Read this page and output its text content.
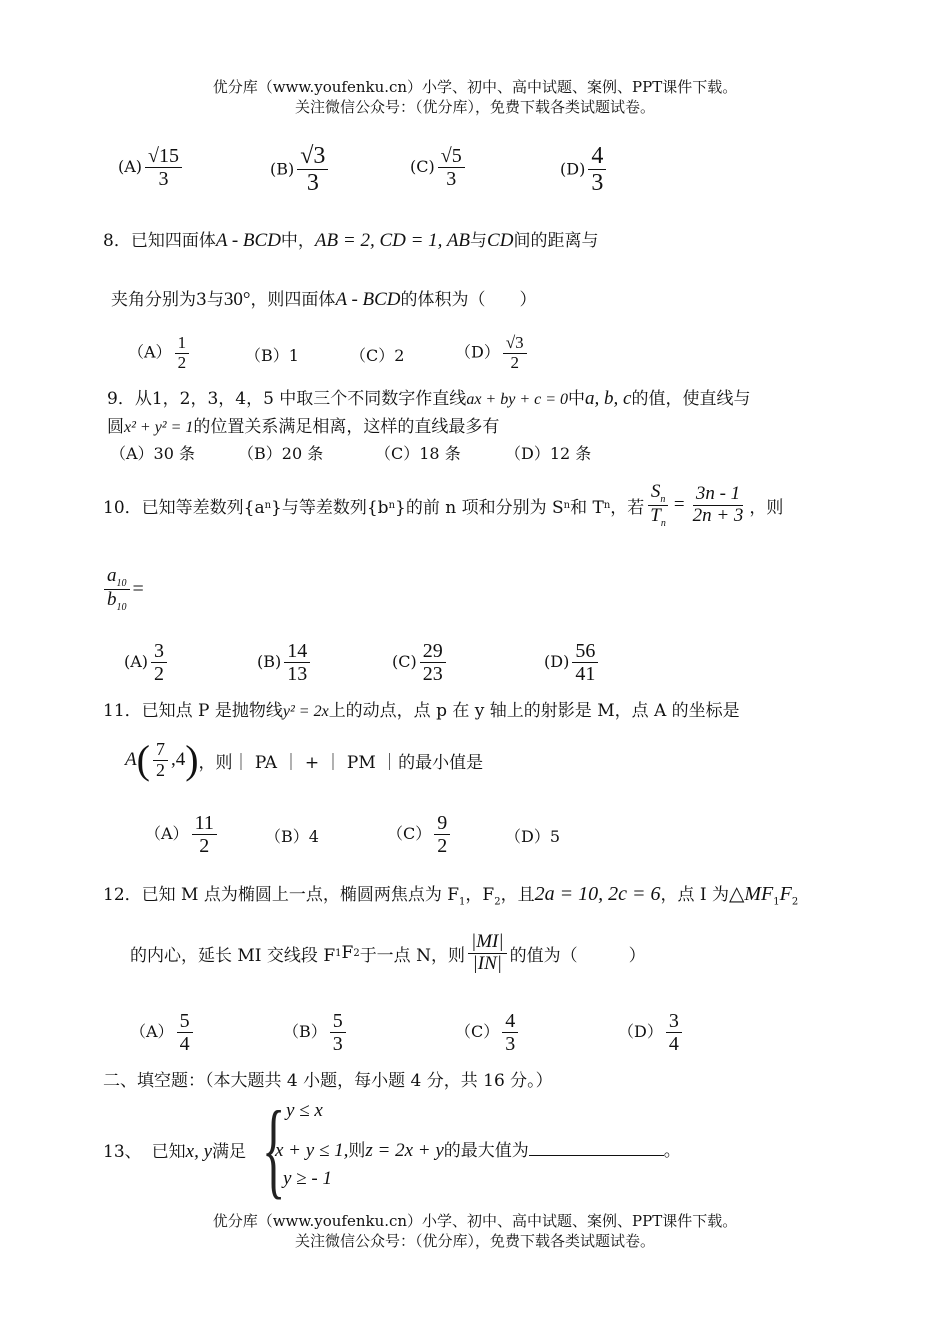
优分库（www.youfenku.cn）小学、初中、高中试题、案例、PPT课件下载。
关注微信公众号：（优分库），免费下载各类试题试卷。
$(A) \frac{√15}{3}$	$(B) \frac{√3}{3}$	$(C) \frac{√5}{3}$	$(D) \frac{4}{3}$
8．已知四面体A - BCD中，AB = 2, CD = 1, AB与CD间的距离与
夹角分别为3与30°，则四面体A - BCD的体积为（　　）
$(A) \frac{1}{2}$	（B）1	（C）2	$(D) \frac{√3}{2}$
9．从1，2，3，4，5 中取三个不同数字作直线ax + by + c = 0中a, b, c的值，使直线与
圆x² + y² = 1的位置关系满足相离，这样的直线最多有
（A）30 条	（B）20 条	（C）18 条	（D）12 条
10．已知等差数列{a n }与等差数列{b n }的前 n 项和分别为 S n 和 T n ，若 $\frac{S_n}{T_n} = \frac{3n - 1}{2n + 3}$ ，则
$\frac{a_{10}}{b_{10}}$ =
$(A) \frac{3}{2}$	$(B) \frac{14}{13}$	$(C) \frac{29}{23}$	$(D) \frac{56}{41}$
11．已知点 P 是抛物线y² = 2x上的动点，点 p 在 y 轴上的射影是 M，点 A 的坐标是
A ( 7
2 ,4 ) ，则｜ PA ｜ + ｜ PM ｜的最小值是
$(A) \frac{11}{2}$	（B）4	$(C) \frac{9}{2}$	（D）5
12．已知 M 点为椭圆上一点，椭圆两焦点为 $F_1$，$F_2$，且2a = 10, 2c = 6，点 I 为$\triangle MF_1F_2$
的内心，延长 MI 交线段 F 1 F 2 于一点 N，则
|MI|
|IN| 的值为（　　　）
$(A) \frac{5}{4}$	$(B) \frac{5}{3}$	$(C) \frac{4}{3}$	$(D) \frac{3}{4}$
二、填空题：（本大题共 4 小题，每小题 4 分，共 16 分。）
13、 已知x, y满足 { y ≤ x
x + y ≤ 1,则z = 2x + y的最大值为	。
y ≥ - 1
优分库（www.youfenku.cn）小学、初中、高中试题、案例、PPT课件下载。
关注微信公众号：（优分库），免费下载各类试题试卷。
